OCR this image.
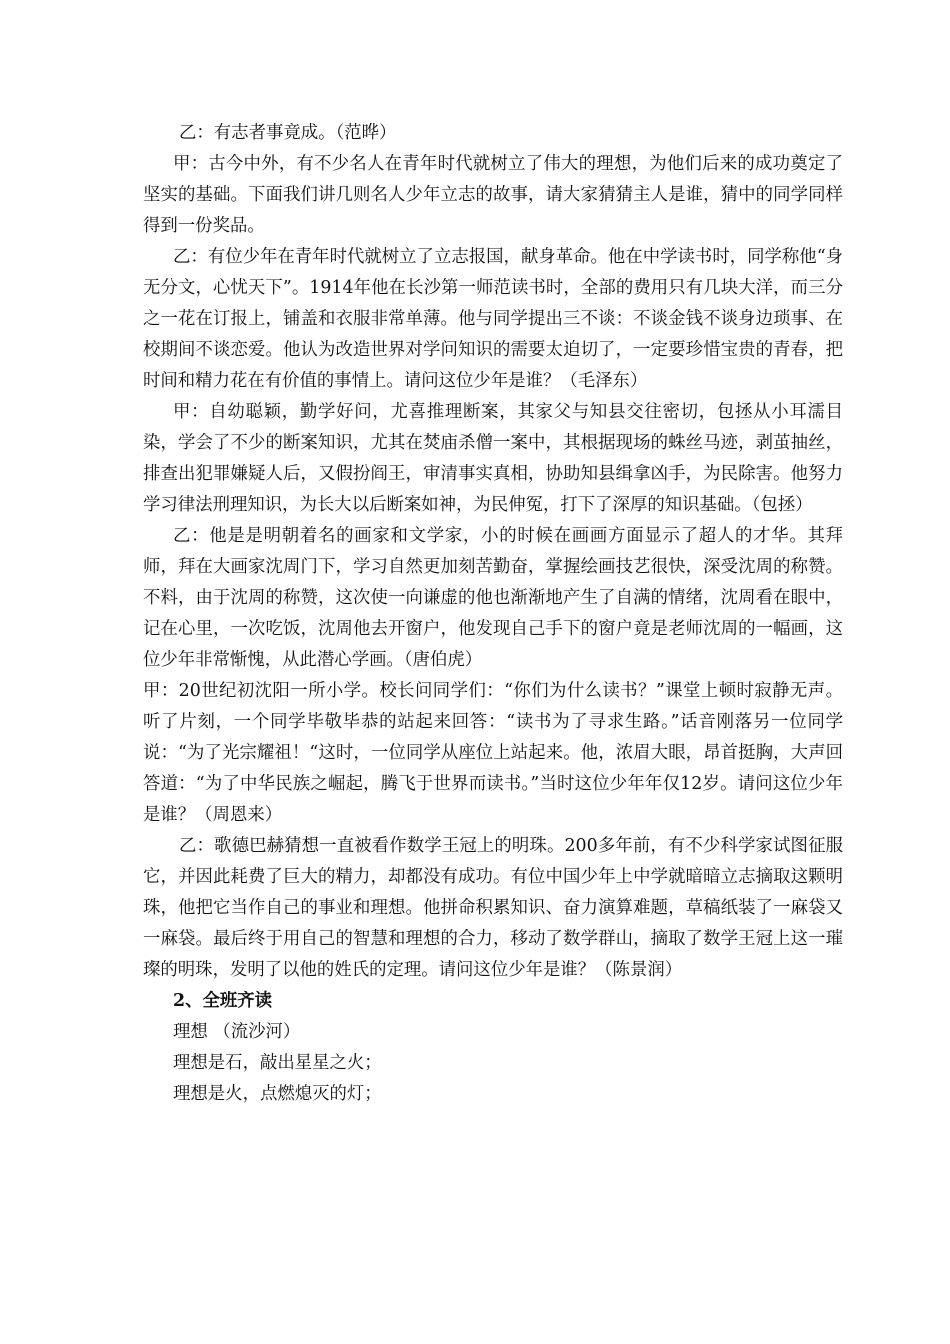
乙：有志者事竟成。（范晔）

甲：古今中外，有不少名人在青年时代就树立了伟大的理想，为他们后来的成功奠定了坚实的基础。下面我们讲几则名人少年立志的故事，请大家猜猜主人是谁，猜中的同学同样得到一份奖品。

乙：有位少年在青年时代就树立了立志报国，献身革命。他在中学读书时，同学称他“身无分文，心忧天下”。1914年他在长沙第一师范读书时，全部的费用只有几块大洋，而三分之一花在订报上，铺盖和衣服非常单薄。他与同学提出三不谈：不谈金钱不谈身边琐事、在校期间不谈恋爱。他认为改造世界对学问知识的需要太迫切了，一定要珍惜宝贵的青春，把时间和精力花在有价值的事情上。请问这位少年是谁？（毛泽东）

甲：自幼聪颖，勤学好问，尤喜推理断案，其家父与知县交往密切，包拯从小耳濡目染，学会了不少的断案知识，尤其在焚庙杀僧一案中，其根据现场的蛛丝马迹，剥茧抽丝，排查出犯罪嫌疑人后，又假扮阎王，审清事实真相，协助知县缉拿凶手，为民除害。他努力学习律法刑理知识，为长大以后断案如神，为民伸冤，打下了深厚的知识基础。（包拯）

乙：他是是明朝着名的画家和文学家，小的时候在画画方面显示了超人的才华。其拜师，拜在大画家沈周门下，学习自然更加刻苦勤奋，掌握绘画技艺很快，深受沈周的称赞。不料，由于沈周的称赞，这次使一向谦虚的他也渐渐地产生了自满的情绪，沈周看在眼中，记在心里，一次吃饭，沈周他去开窗户，他发现自己手下的窗户竟是老师沈周的一幅画，这位少年非常惭愧，从此潜心学画。（唐伯虎）

甲：20世纪初沈阳一所小学。校长问同学们：“你们为什么读书？”课堂上顿时寂静无声。听了片刻，一个同学毕敬毕恭的站起来回答：“读书为了寻求生路。”话音刚落另一位同学说：“为了光宗耀祖！“这时，一位同学从座位上站起来。他，浓眉大眼，昂首挺胸，大声回答道：“为了中华民族之崛起，腾飞于世界而读书。”当时这位少年年仅12岁。请问这位少年是谁？（周恩来）

乙：歌德巴赫猜想一直被看作数学王冠上的明珠。200多年前，有不少科学家试图征服它，并因此耗费了巨大的精力，却都没有成功。有位中国少年上中学就暗暗立志摘取这颗明珠，他把它当作自己的事业和理想。他拼命积累知识、奋力演算难题，草稿纸装了一麻袋又一麻袋。最后终于用自己的智慧和理想的合力，移动了数学群山，摘取了数学王冠上这一璀璨的明珠，发明了以他的姓氏的定理。请问这位少年是谁？（陈景润）

2、全班齐读

理想 （流沙河）

理想是石，敲出星星之火；

理想是火，点燃熄灭的灯；
